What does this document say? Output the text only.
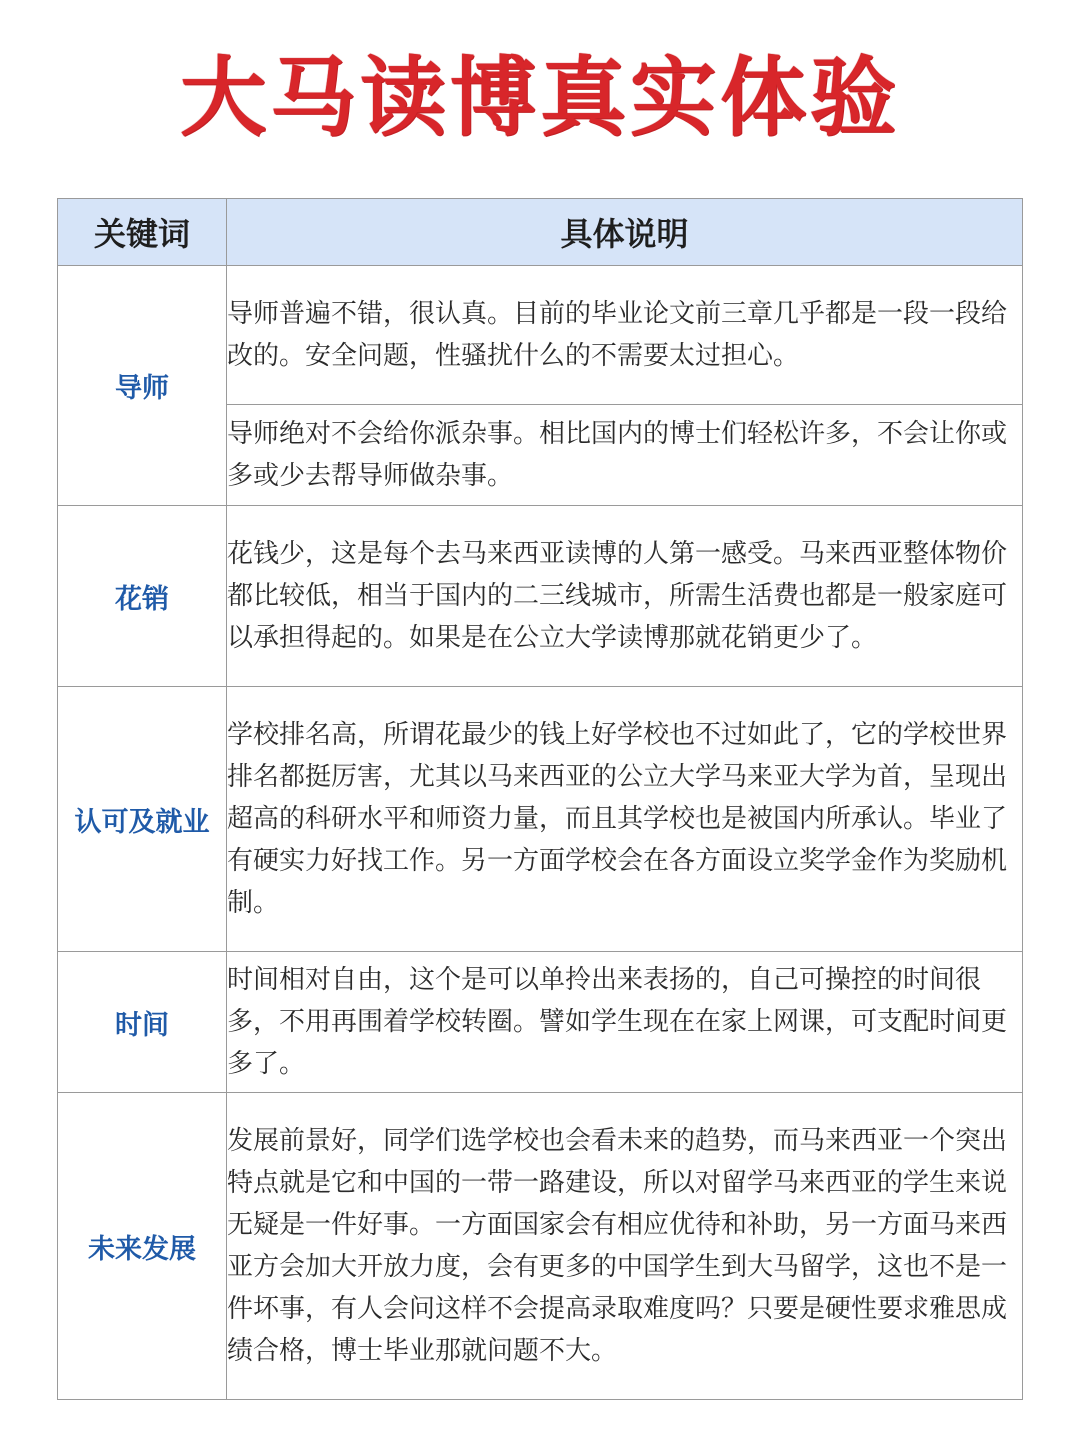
大马读博真实体验
关键词	具体说明
导师	导师普遍不错，很认真。目前的毕业论文前三章几乎都是一段一段给改的。安全问题，性骚扰什么的不需要太过担心。
	导师绝对不会给你派杂事。相比国内的博士们轻松许多，不会让你或多或少去帮导师做杂事。
花销	花钱少，这是每个去马来西亚读博的人第一感受。马来西亚整体物价都比较低，相当于国内的二三线城市，所需生活费也都是一般家庭可以承担得起的。如果是在公立大学读博那就花销更少了。
认可及就业	学校排名高，所谓花最少的钱上好学校也不过如此了，它的学校世界排名都挺厉害，尤其以马来西亚的公立大学马来亚大学为首，呈现出超高的科研水平和师资力量，而且其学校也是被国内所承认。毕业了有硬实力好找工作。另一方面学校会在各方面设立奖学金作为奖励机制。
时间	时间相对自由，这个是可以单拎出来表扬的，自己可操控的时间很多，不用再围着学校转圈。譬如学生现在在家上网课，可支配时间更多了。
未来发展	发展前景好，同学们选学校也会看未来的趋势，而马来西亚一个突出特点就是它和中国的一带一路建设，所以对留学马来西亚的学生来说无疑是一件好事。一方面国家会有相应优待和补助，另一方面马来西亚方会加大开放力度，会有更多的中国学生到大马留学，这也不是一件坏事，有人会问这样不会提高录取难度吗？只要是硬性要求雅思成绩合格，博士毕业那就问题不大。
